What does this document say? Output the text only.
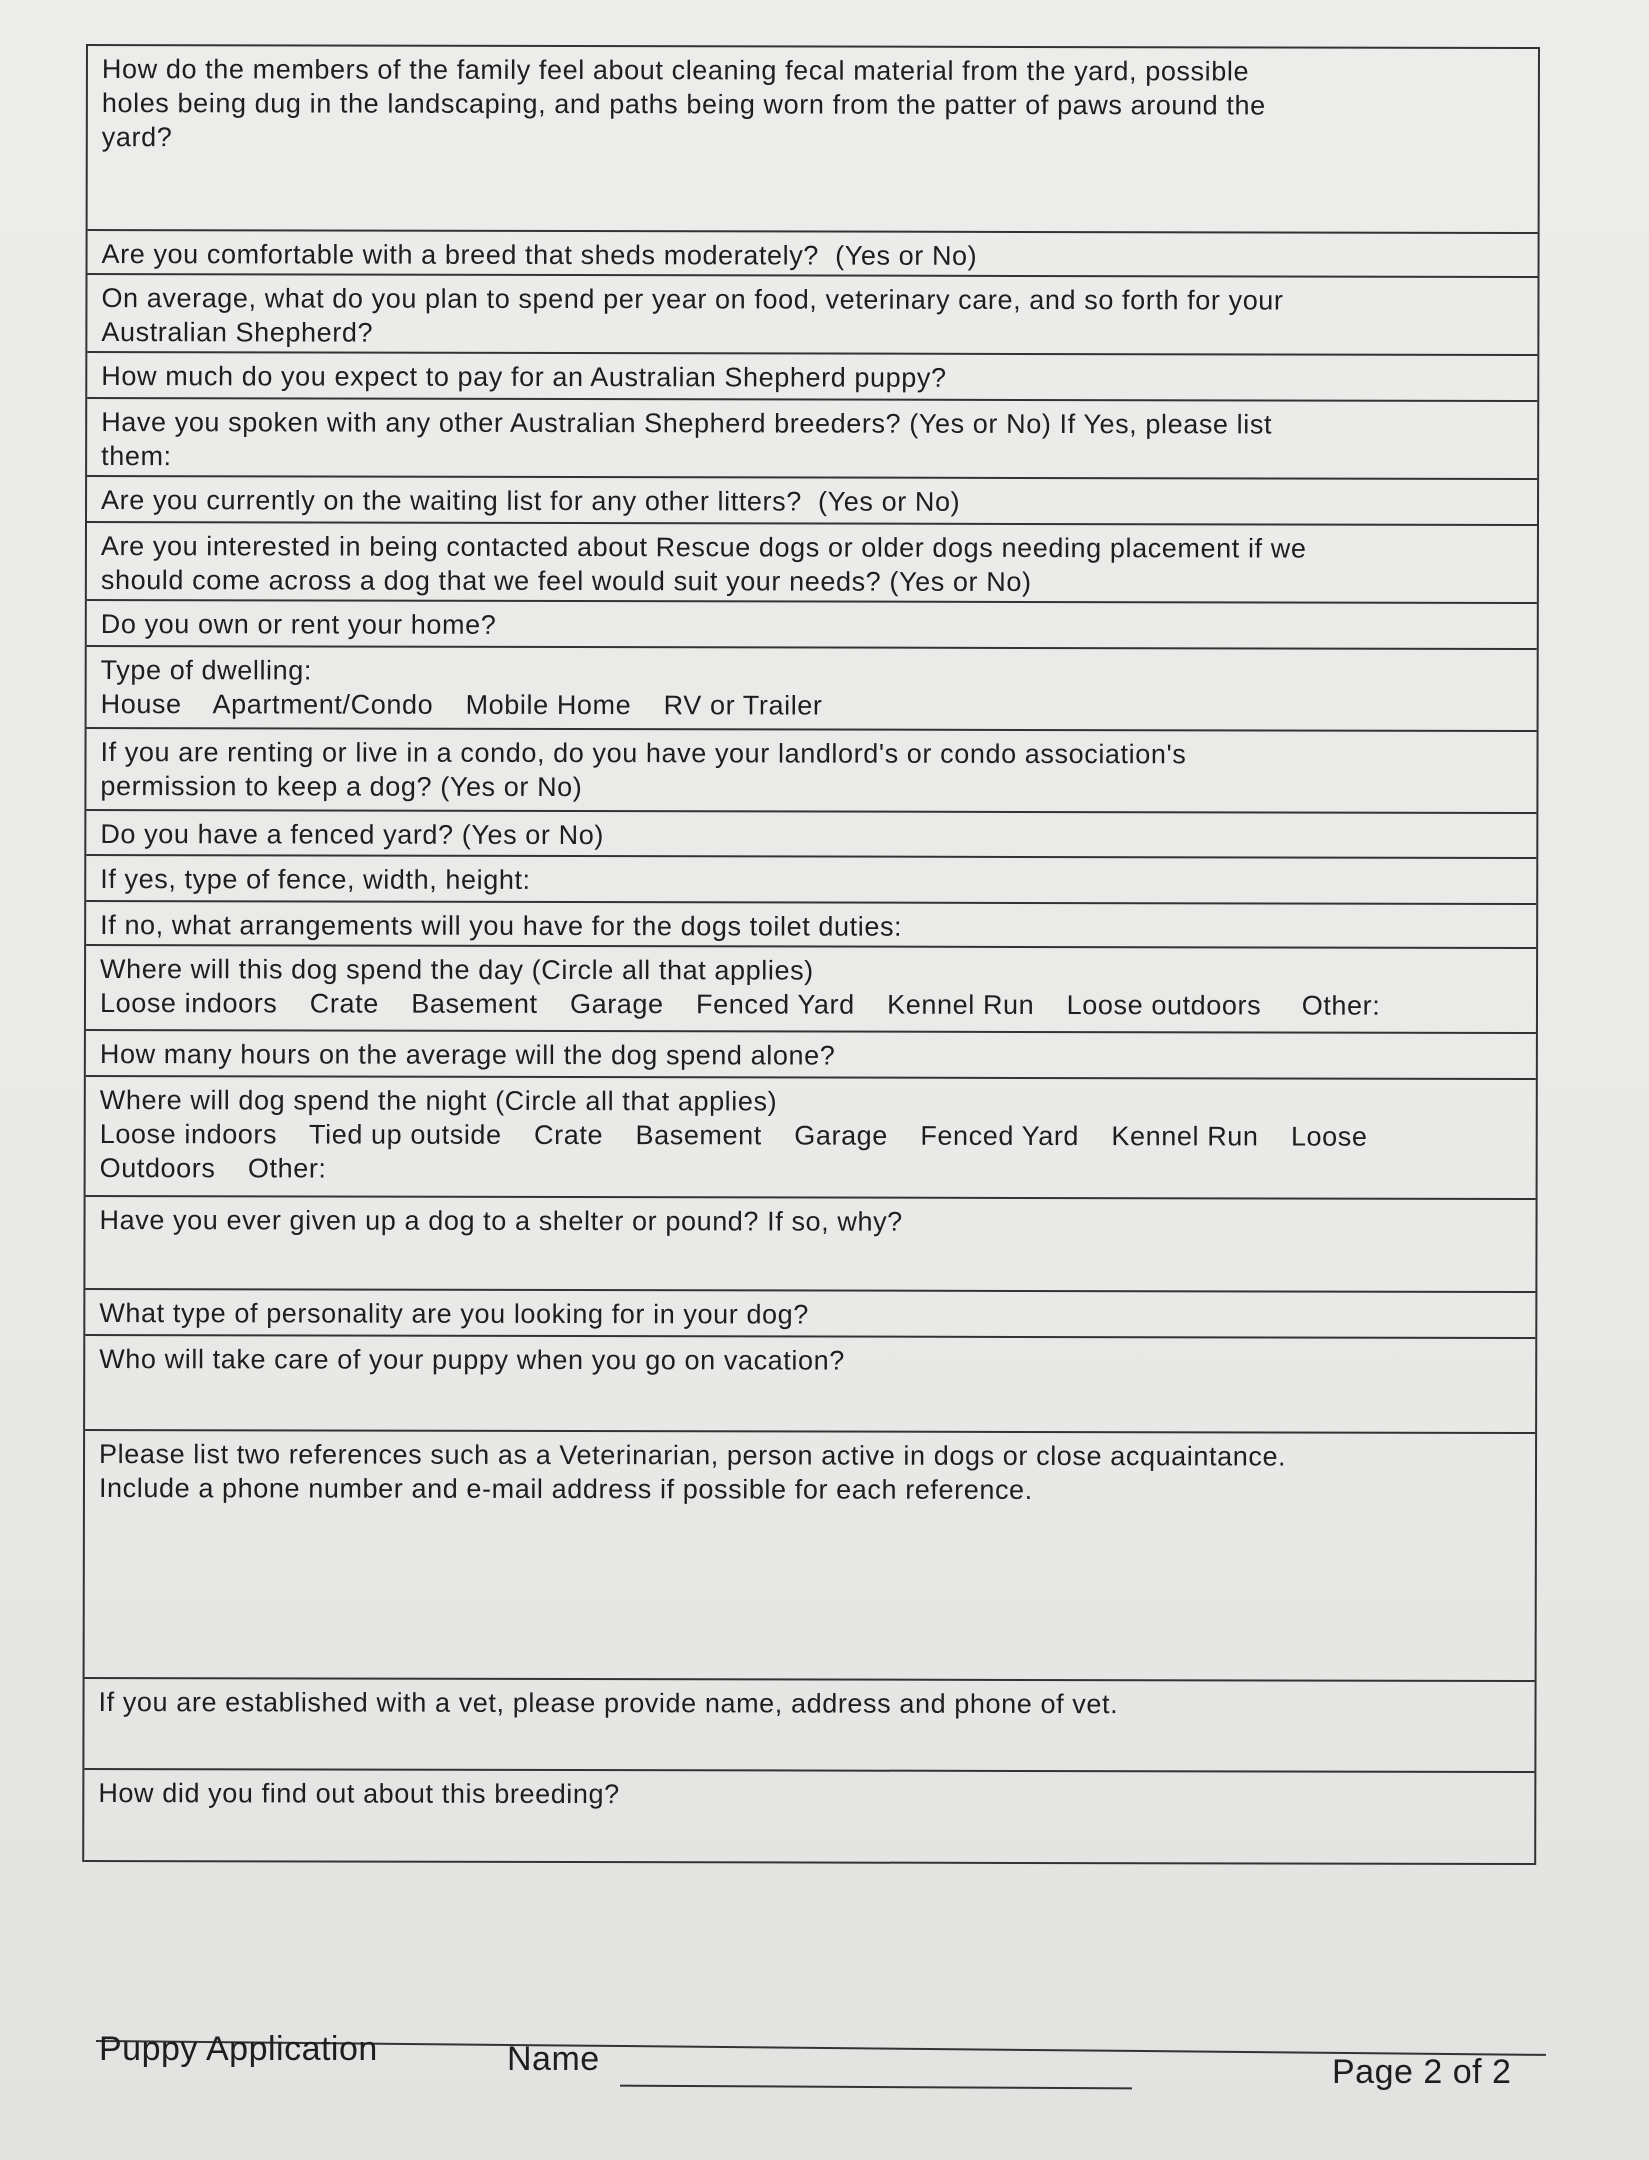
How do the members of the family feel about cleaning fecal material from the yard, possible
holes being dug in the landscaping, and paths being worn from the patter of paws around the
yard?
Are you comfortable with a breed that sheds moderately?  (Yes or No)
On average, what do you plan to spend per year on food, veterinary care, and so forth for your
Australian Shepherd?
How much do you expect to pay for an Australian Shepherd puppy?
Have you spoken with any other Australian Shepherd breeders? (Yes or No) If Yes, please list
them:
Are you currently on the waiting list for any other litters?  (Yes or No)
Are you interested in being contacted about Rescue dogs or older dogs needing placement if we
should come across a dog that we feel would suit your needs? (Yes or No)
Do you own or rent your home?
Type of dwelling:
House    Apartment/Condo    Mobile Home    RV or Trailer
If you are renting or live in a condo, do you have your landlord's or condo association's
permission to keep a dog? (Yes or No)
Do you have a fenced yard? (Yes or No)
If yes, type of fence, width, height:
If no, what arrangements will you have for the dogs toilet duties:
Where will this dog spend the day (Circle all that applies)
Loose indoors    Crate    Basement    Garage    Fenced Yard    Kennel Run    Loose outdoors     Other:
How many hours on the average will the dog spend alone?
Where will dog spend the night (Circle all that applies)
Loose indoors    Tied up outside    Crate    Basement    Garage    Fenced Yard    Kennel Run    Loose
Outdoors    Other:
Have you ever given up a dog to a shelter or pound? If so, why?
What type of personality are you looking for in your dog?
Who will take care of your puppy when you go on vacation?
Please list two references such as a Veterinarian, person active in dogs or close acquaintance.
Include a phone number and e-mail address if possible for each reference.
If you are established with a vet, please provide name, address and phone of vet.
How did you find out about this breeding?
Puppy Application	Name	Page 2 of 2
